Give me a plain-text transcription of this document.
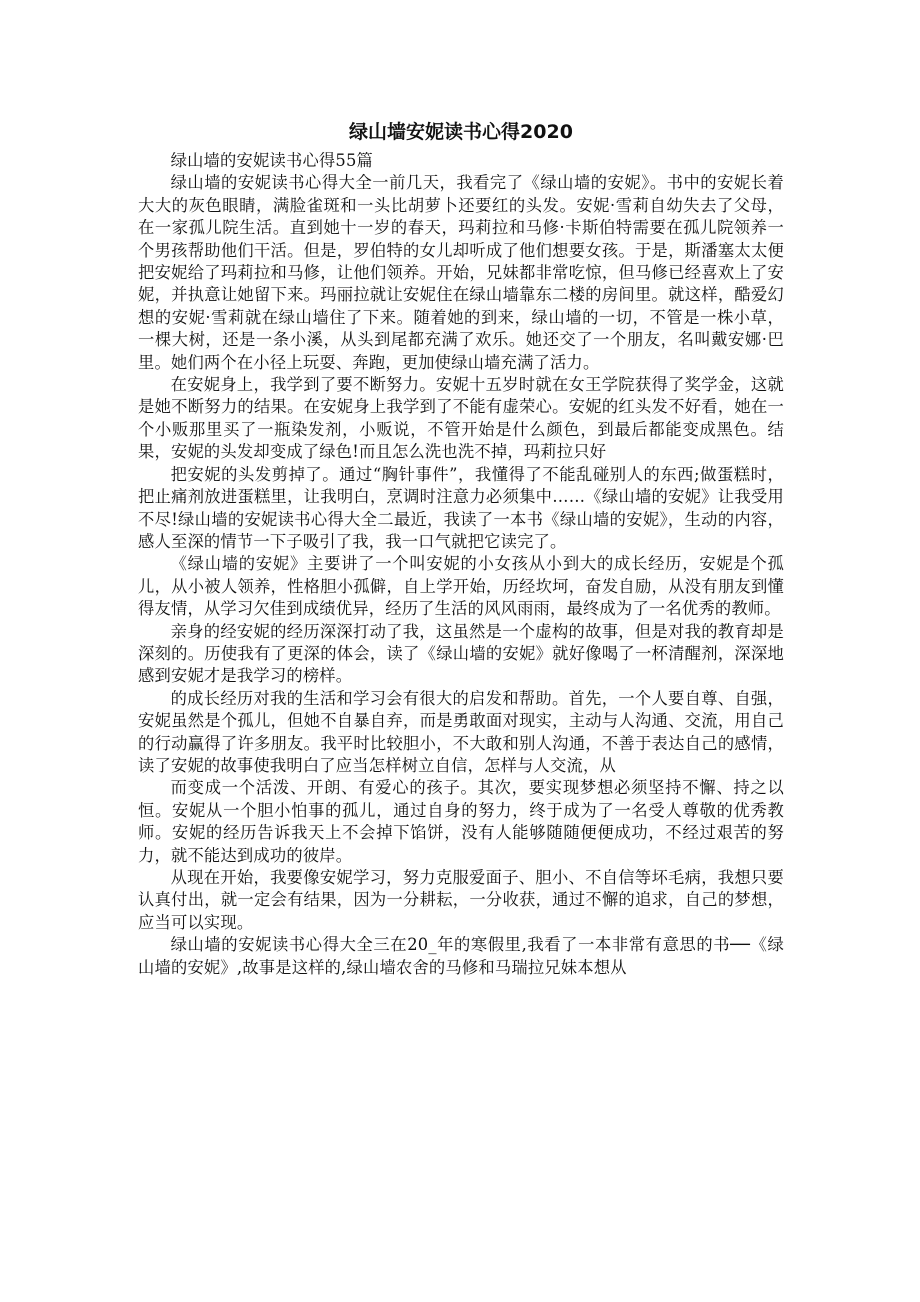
绿山墙安妮读书心得2020

绿山墙的安妮读书心得55篇

绿山墙的安妮读书心得大全一前几天，我看完了《绿山墙的安妮》。书中的安妮长着大大的灰色眼睛，满脸雀斑和一头比胡萝卜还要红的头发。安妮·雪莉自幼失去了父母，在一家孤儿院生活。直到她十一岁的春天，玛莉拉和马修·卡斯伯特需要在孤儿院领养一个男孩帮助他们干活。但是，罗伯特的女儿却听成了他们想要女孩。于是，斯潘塞太太便把安妮给了玛莉拉和马修，让他们领养。开始，兄妹都非常吃惊，但马修已经喜欢上了安妮，并执意让她留下来。玛丽拉就让安妮住在绿山墙靠东二楼的房间里。就这样，酷爱幻想的安妮·雪莉就在绿山墙住了下来。随着她的到来，绿山墙的一切，不管是一株小草，一棵大树，还是一条小溪，从头到尾都充满了欢乐。她还交了一个朋友，名叫戴安娜·巴里。她们两个在小径上玩耍、奔跑，更加使绿山墙充满了活力。

在安妮身上，我学到了要不断努力。安妮十五岁时就在女王学院获得了奖学金，这就是她不断努力的结果。在安妮身上我学到了不能有虚荣心。安妮的红头发不好看，她在一个小贩那里买了一瓶染发剂，小贩说，不管开始是什么颜色，到最后都能变成黑色。结果，安妮的头发却变成了绿色!而且怎么洗也洗不掉，玛莉拉只好

把安妮的头发剪掉了。通过“胸针事件”，我懂得了不能乱碰别人的东西;做蛋糕时，把止痛剂放进蛋糕里，让我明白，烹调时注意力必须集中……《绿山墙的安妮》让我受用不尽!绿山墙的安妮读书心得大全二最近，我读了一本书《绿山墙的安妮》，生动的内容，感人至深的情节一下子吸引了我，我一口气就把它读完了。

《绿山墙的安妮》主要讲了一个叫安妮的小女孩从小到大的成长经历，安妮是个孤儿，从小被人领养，性格胆小孤僻，自上学开始，历经坎坷，奋发自励，从没有朋友到懂得友情，从学习欠佳到成绩优异，经历了生活的风风雨雨，最终成为了一名优秀的教师。

亲身的经安妮的经历深深打动了我，这虽然是一个虚构的故事，但是对我的教育却是深刻的。历使我有了更深的体会，读了《绿山墙的安妮》就好像喝了一杯清醒剂，深深地感到安妮才是我学习的榜样。

的成长经历对我的生活和学习会有很大的启发和帮助。首先，一个人要自尊、自强，安妮虽然是个孤儿，但她不自暴自弃，而是勇敢面对现实，主动与人沟通、交流，用自己的行动赢得了许多朋友。我平时比较胆小，不大敢和别人沟通，不善于表达自己的感情，读了安妮的故事使我明白了应当怎样树立自信，怎样与人交流，从

而变成一个活泼、开朗、有爱心的孩子。其次，要实现梦想必须坚持不懈、持之以恒。安妮从一个胆小怕事的孤儿，通过自身的努力，终于成为了一名受人尊敬的优秀教师。安妮的经历告诉我天上不会掉下馅饼，没有人能够随随便便成功，不经过艰苦的努力，就不能达到成功的彼岸。

从现在开始，我要像安妮学习，努力克服爱面子、胆小、不自信等坏毛病，我想只要认真付出，就一定会有结果，因为一分耕耘，一分收获，通过不懈的追求，自己的梦想，应当可以实现。

绿山墙的安妮读书心得大全三在20_年的寒假里,我看了一本非常有意思的书──《绿山墙的安妮》,故事是这样的,绿山墙农舍的马修和马瑞拉兄妹本想从
